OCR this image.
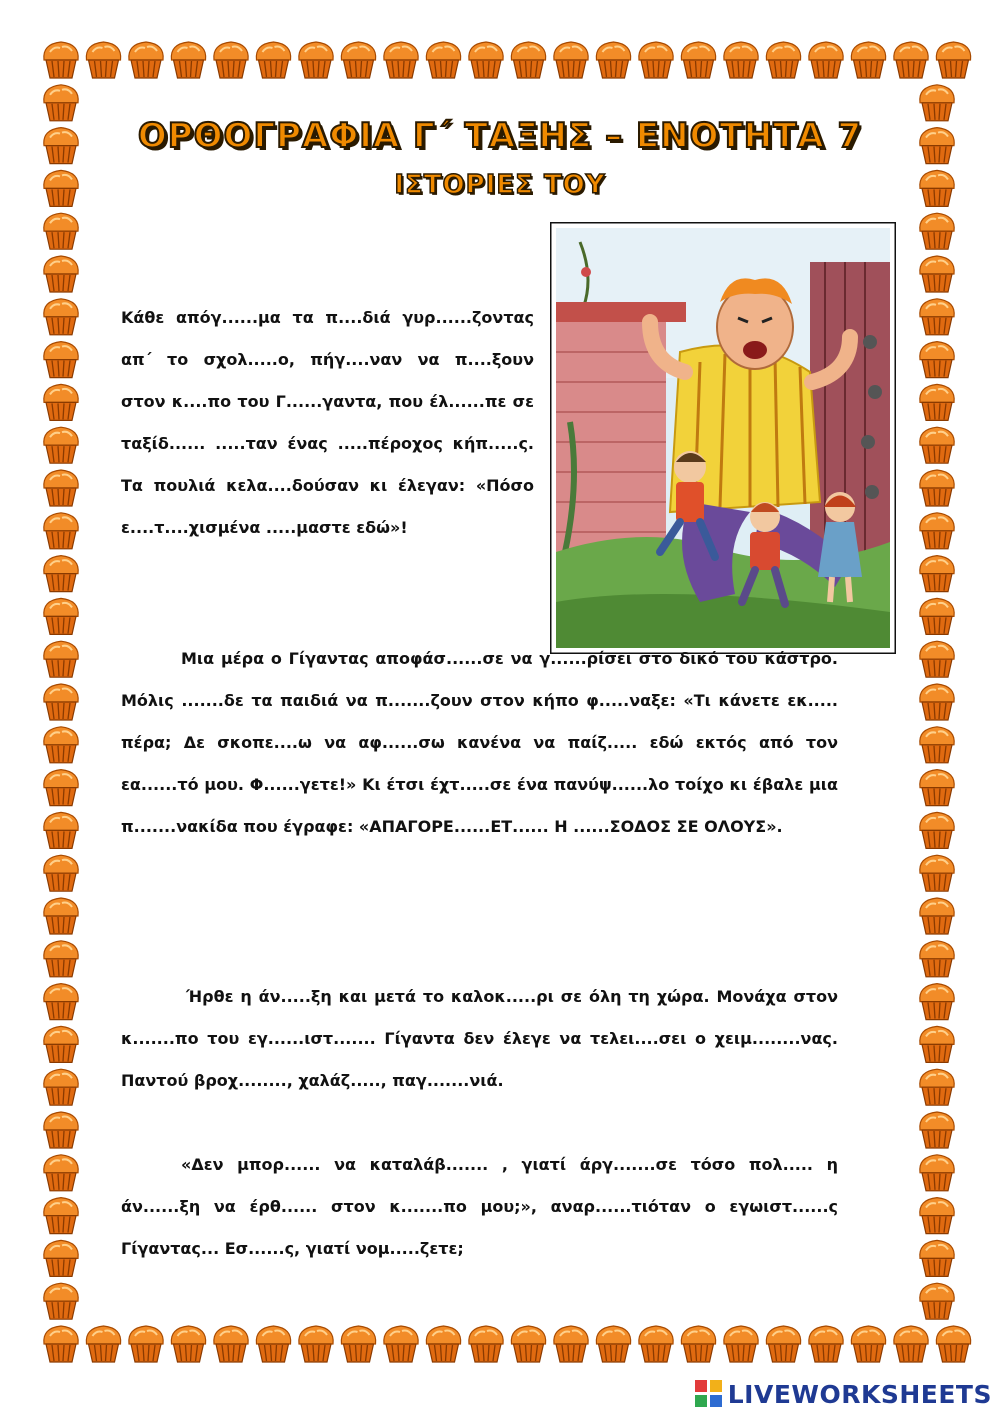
ΟΡΘΟΓΡΑΦΙΑ Γ΄ ΤΑΞΗΣ – ΕΝΟΤΗΤΑ 7
ΙΣΤΟΡΙΕΣ ΤΟΥ

Κάθε απόγ......μα τα π....διά γυρ......ζοντας απ΄ το σχολ.....ο, πήγ....ναν να π....ξουν στον κ....πο του Γ......γαντα, που έλ......πε σε ταξίδ...... .....ταν ένας .....πέροχος κήπ.....ς. Τα πουλιά κελα....δούσαν κι έλεγαν: «Πόσο ε....τ....χισμένα .....μαστε εδώ»!

Μια μέρα ο Γίγαντας αποφάσ......σε να γ......ρίσει στο δικό του κάστρο. Μόλις .......δε τα παιδιά να π.......ζουν στον κήπο φ.....ναξε: «Τι κάνετε εκ..... πέρα; Δε σκοπε....ω να αφ......σω κανένα να παίζ..... εδώ εκτός από τον εα......τό μου. Φ......γετε!» Κι έτσι έχτ.....σε ένα πανύψ......λο τοίχο κι έβαλε μια π.......νακίδα που έγραφε: «ΑΠΑΓΟΡΕ......ΕΤ...... Η ......ΣΟΔΟΣ ΣΕ ΟΛΟΥΣ».

Ήρθε η άν.....ξη και μετά το καλοκ.....ρι σε όλη τη χώρα. Μονάχα στον κ.......πο του εγ......ιστ....... Γίγαντα δεν έλεγε να τελει....σει ο χειμ........νας. Παντού βροχ........, χαλάζ....., παγ.......νιά.

«Δεν μπορ...... να καταλάβ....... , γιατί άργ.......σε τόσο πολ..... η άν......ξη να έρθ...... στον κ.......πο μου;», αναρ......τιόταν ο εγωιστ......ς Γίγαντας... Εσ......ς, γιατί νομ.....ζετε;

LIVEWORKSHEETS
